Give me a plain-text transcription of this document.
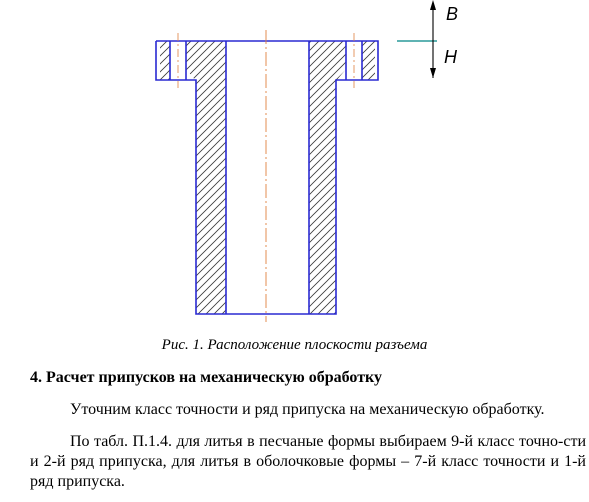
B
H
Рис. 1. Расположение плоскости разъема
4. Расчет припусков на механическую обработку
Уточним класс точности и ряд припуска на механическую обработку.
По табл. П.1.4. для литья в песчаные формы выбираем 9-й класс точно-сти и 2-й ряд припуска, для литья в оболочковые формы – 7-й класс точности и 1-й ряд припуска.
